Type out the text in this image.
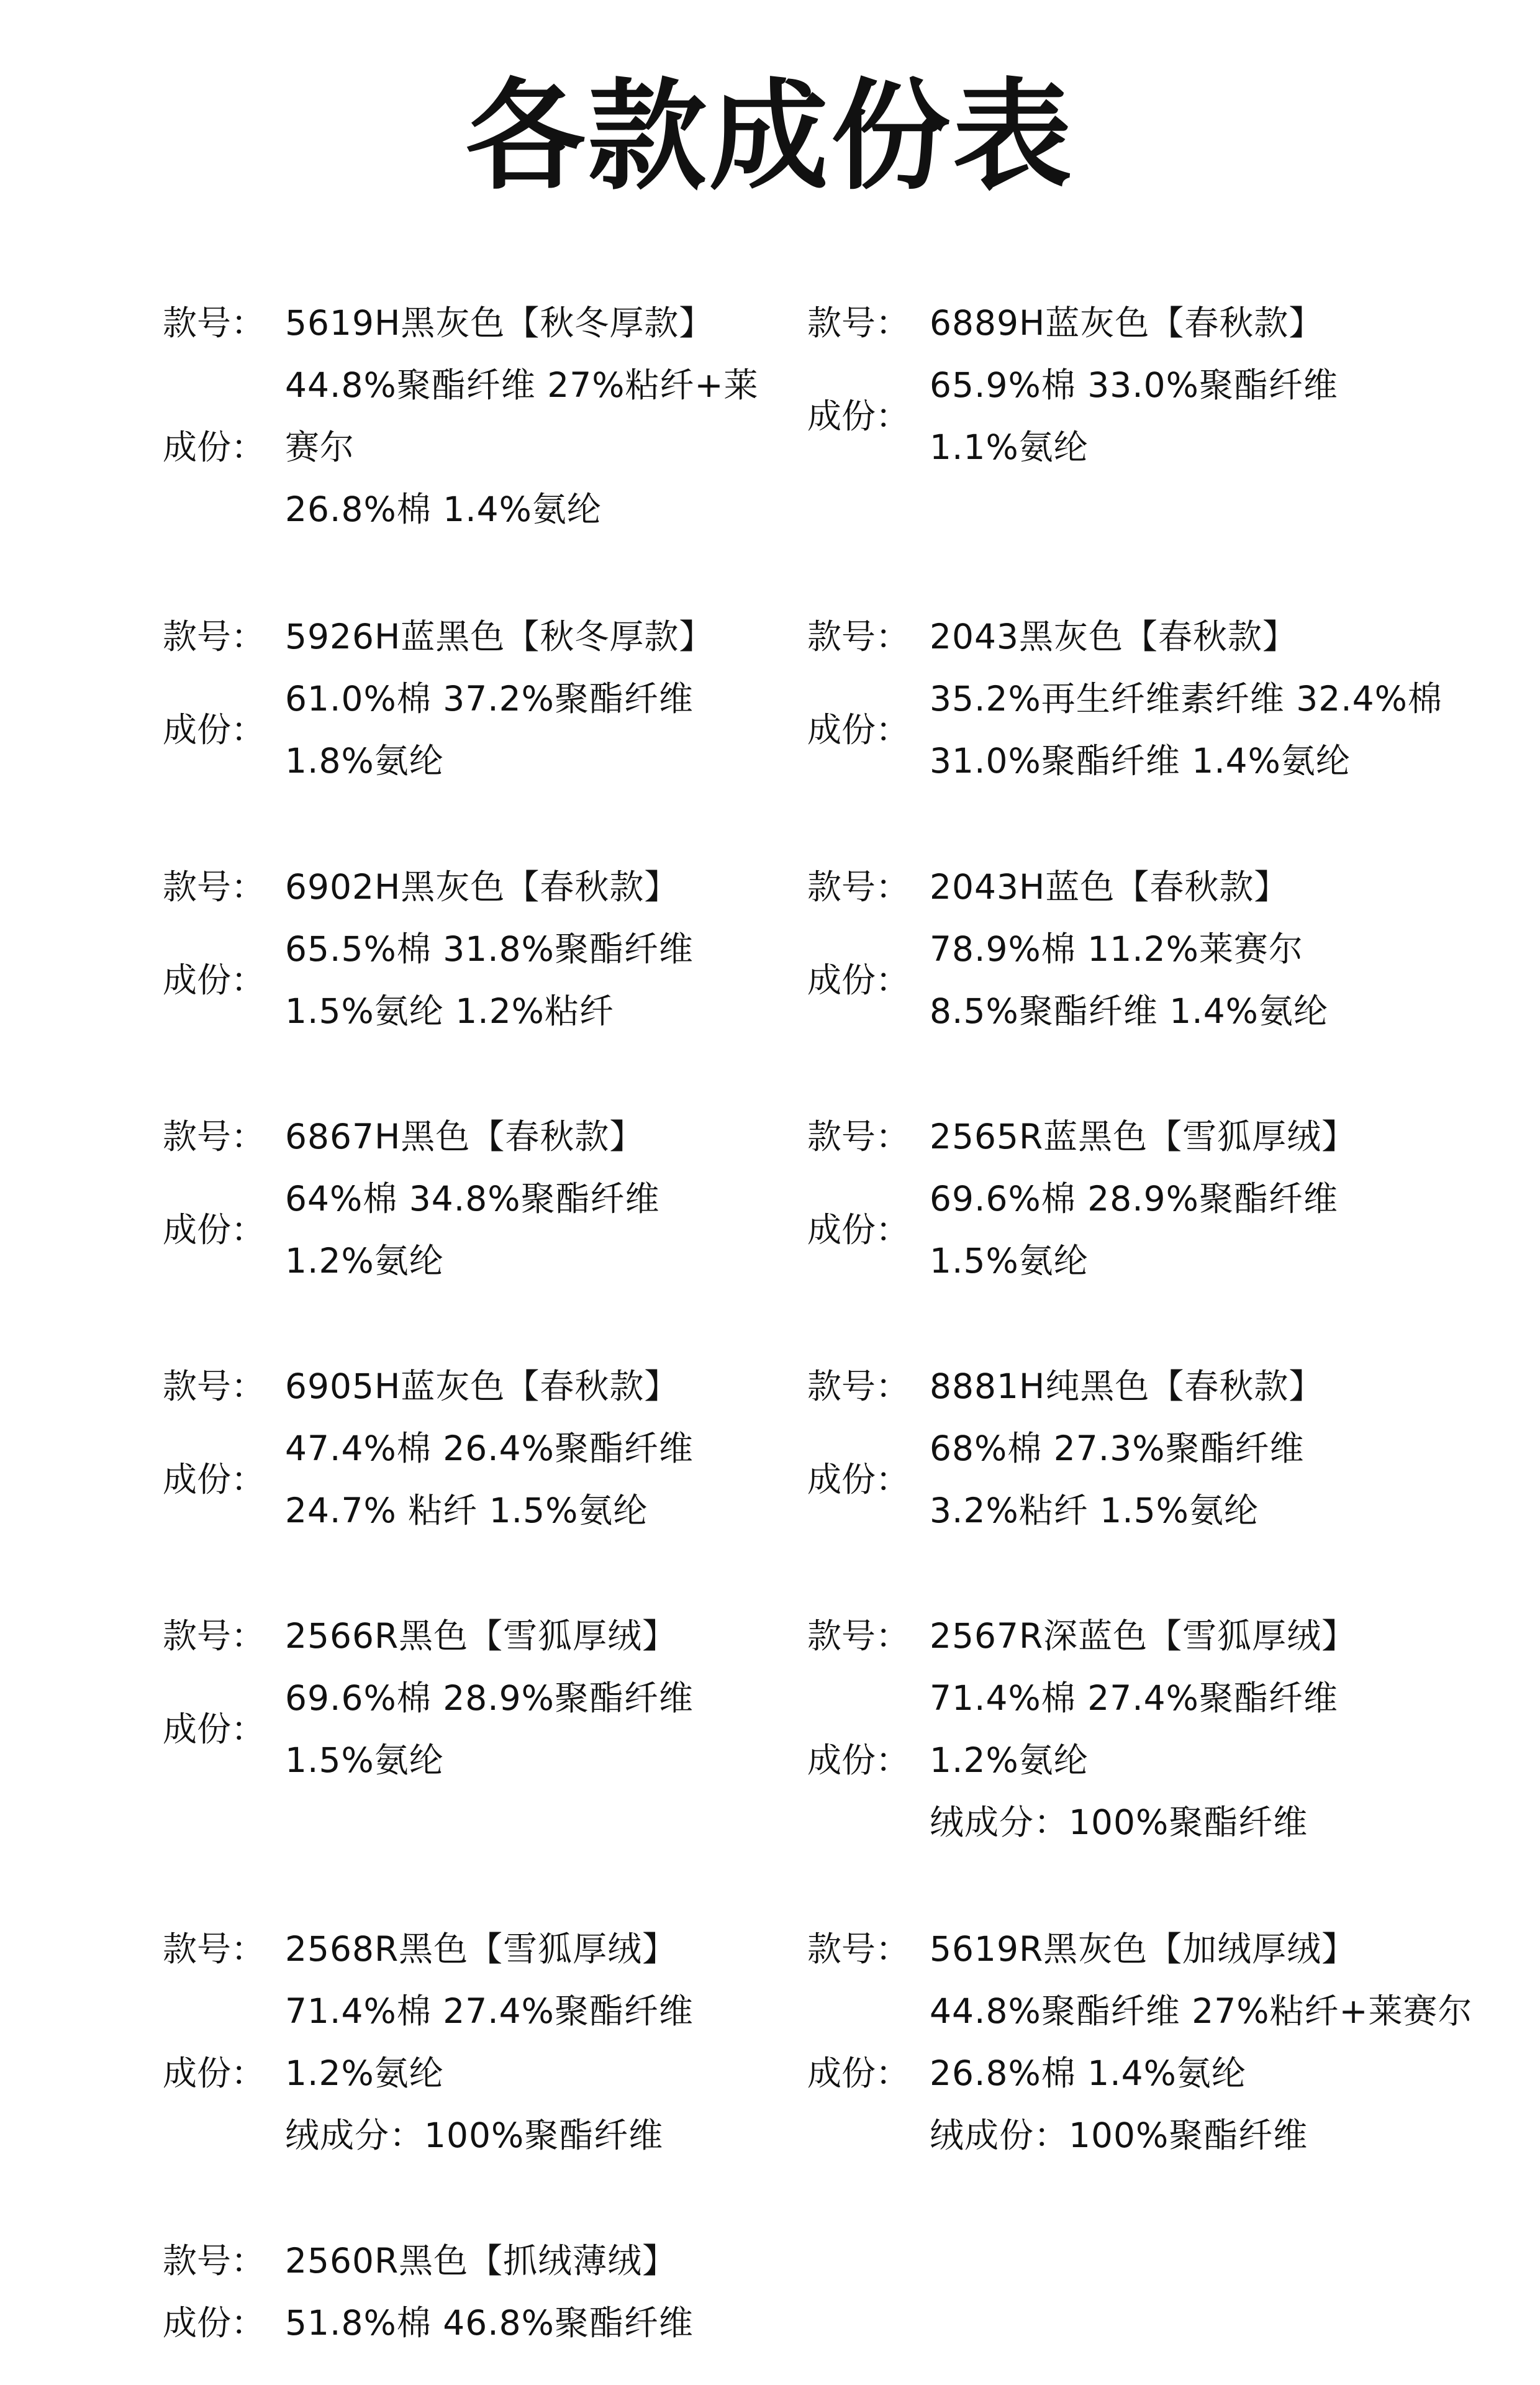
各款成份表
款号： 5619H黑灰色【秋冬厚款】
成份：
44.8%聚酯纤维 27%粘纤+莱
赛尔
26.8%棉 1.4%氨纶
款号： 6889H蓝灰色【春秋款】
成份：
65.9%棉 33.0%聚酯纤维
1.1%氨纶
款号： 5926H蓝黑色【秋冬厚款】
成份：
61.0%棉 37.2%聚酯纤维
1.8%氨纶
款号： 2043黑灰色【春秋款】
成份：
35.2%再生纤维素纤维 32.4%棉
31.0%聚酯纤维 1.4%氨纶
款号： 6902H黑灰色【春秋款】
成份：
65.5%棉 31.8%聚酯纤维
1.5%氨纶 1.2%粘纤
款号： 2043H蓝色【春秋款】
成份：
78.9%棉 11.2%莱赛尔
8.5%聚酯纤维 1.4%氨纶
款号： 6867H黑色【春秋款】
成份：
64%棉 34.8%聚酯纤维
1.2%氨纶
款号： 2565R蓝黑色【雪狐厚绒】
成份：
69.6%棉 28.9%聚酯纤维
1.5%氨纶
款号： 6905H蓝灰色【春秋款】
成份：
47.4%棉 26.4%聚酯纤维
24.7% 粘纤 1.5%氨纶
款号： 8881H纯黑色【春秋款】
成份：
68%棉 27.3%聚酯纤维
3.2%粘纤 1.5%氨纶
款号： 2566R黑色【雪狐厚绒】
成份：
69.6%棉 28.9%聚酯纤维
1.5%氨纶
款号： 2567R深蓝色【雪狐厚绒】
成份：
71.4%棉 27.4%聚酯纤维
1.2%氨纶
绒成分：100%聚酯纤维
款号： 2568R黑色【雪狐厚绒】
成份：
71.4%棉 27.4%聚酯纤维
1.2%氨纶
绒成分：100%聚酯纤维
款号： 5619R黑灰色【加绒厚绒】
成份：
44.8%聚酯纤维 27%粘纤+莱赛尔
26.8%棉 1.4%氨纶
绒成份：100%聚酯纤维
款号： 2560R黑色【抓绒薄绒】
成份： 51.8%棉 46.8%聚酯纤维
